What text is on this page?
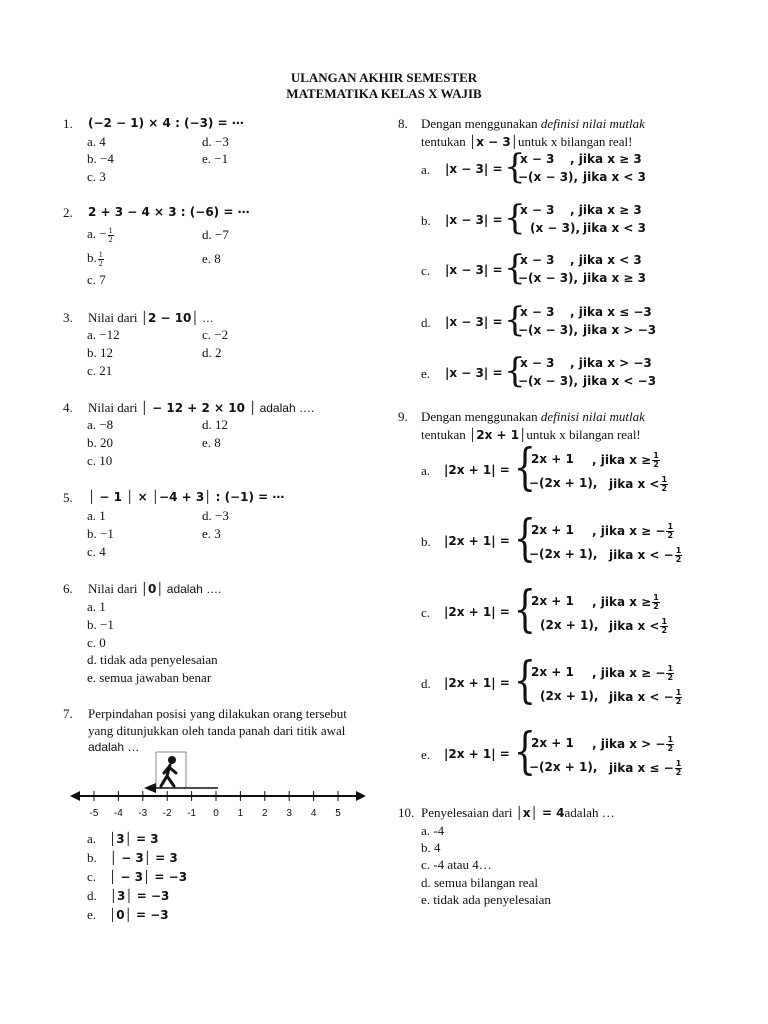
ULANGAN AKHIR SEMESTER
MATEMATIKA KELAS X WAJIB
1. (−2 − 1) × 4 : (−3) = ⋯
a. 4	d. −3
b. −4	e. −1
c. 3
2. 2 + 3 − 4 × 3 : (−6) = ⋯
a. − $\frac{1}{2}$	d. −7
b. $\frac{1}{2}$	e. 8
c. 7
3. Nilai dari │2 − 10│ …
a. −12	c. −2
b. 12	d. 2
c. 21
4. Nilai dari │ − 12 + 2 × 10 │ adalah ….
a. −8	d. 12
b. 20	e. 8
c. 10
5. │ − 1 │ × │−4 + 3│ : (−1) = ⋯
a. 1	d. −3
b. −1	e. 3
c. 4
6. Nilai dari │0│ adalah ….
a. 1
b. −1
c. 0
d. tidak ada penyelesaian
e. semua jawaban benar
7. Perpindahan posisi yang dilakukan orang tersebut
yang ditunjukkan oleh tanda panah dari titik awal
adalah …
-5 -4 -3 -2 -1 0 1 2 3 4 5
a. │3│ = 3
b. │ − 3│ = 3
c. │ − 3│ = −3
d. │3│ = −3
e. │0│ = −3
8. Dengan menggunakan definisi nilai mutlak
tentukan │x − 3│untuk x bilangan real!
a. |x − 3| = {
x − 3 , jika x ≥ 3
−(x − 3), jika x < 3
b. |x − 3| = {
x − 3 , jika x ≥ 3
(x − 3), jika x < 3
c. |x − 3| = {
x − 3 , jika x < 3
−(x − 3), jika x ≥ 3
d. |x − 3| = {
x − 3 , jika x ≤ −3
−(x − 3), jika x > −3
e. |x − 3| = {
x − 3 , jika x > −3
−(x − 3), jika x < −3
9. Dengan menggunakan definisi nilai mutlak
tentukan │2x + 1│untuk x bilangan real!
a. |2x + 1| = {
2x + 1 , jika $x \ge \frac{1}{2}$
−(2x + 1), jika $x < \frac{1}{2}$
b. |2x + 1| = {
2x + 1 , jika x ≥ − $\frac{1}{2}$
−(2x + 1), jika x < − $\frac{1}{2}$
c. |2x + 1| = {
2x + 1 , jika $x \ge \frac{1}{2}$
(2x + 1), jika $x < \frac{1}{2}$
d. |2x + 1| = {
2x + 1 , jika x ≥ − $\frac{1}{2}$
(2x + 1), jika x < − $\frac{1}{2}$
e. |2x + 1| = {
2x + 1 , jika x > − $\frac{1}{2}$
−(2x + 1), jika x ≤ − $\frac{1}{2}$
10. Penyelesaian dari │x│ = 4adalah …
a. -4
b. 4
c. -4 atau 4…
d. semua bilangan real
e. tidak ada penyelesaian
